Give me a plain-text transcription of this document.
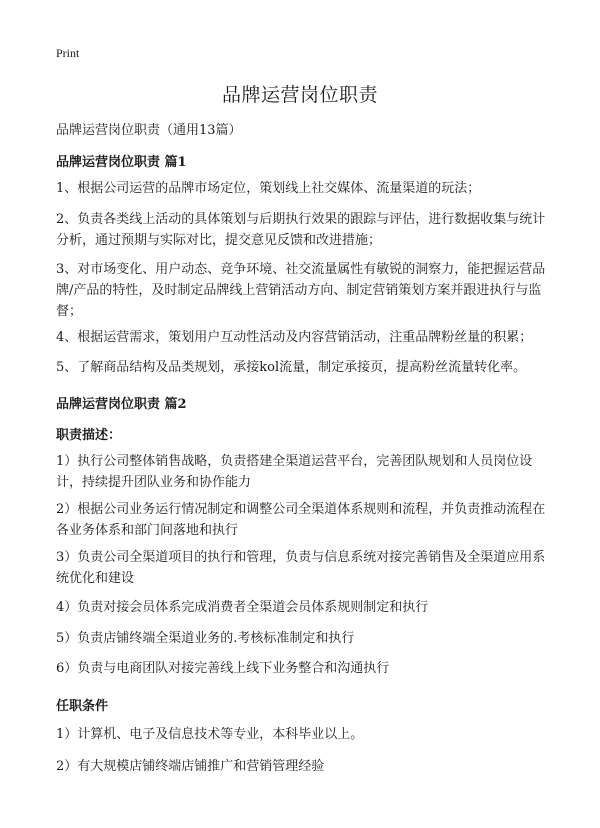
Print
品牌运营岗位职责

品牌运营岗位职责（通用13篇）

品牌运营岗位职责 篇1

1、根据公司运营的品牌市场定位，策划线上社交媒体、流量渠道的玩法；

2、负责各类线上活动的具体策划与后期执行效果的跟踪与评估，进行数据收集与统计分析，通过预期与实际对比，提交意见反馈和改进措施；

3、对市场变化、用户动态、竞争环境、社交流量属性有敏锐的洞察力，能把握运营品牌/产品的特性，及时制定品牌线上营销活动方向、制定营销策划方案并跟进执行与监督；

4、根据运营需求，策划用户互动性活动及内容营销活动，注重品牌粉丝量的积累；

5、了解商品结构及品类规划，承接kol流量，制定承接页，提高粉丝流量转化率。

品牌运营岗位职责 篇2

职责描述：

1）执行公司整体销售战略，负责搭建全渠道运营平台，完善团队规划和人员岗位设计，持续提升团队业务和协作能力

2）根据公司业务运行情况制定和调整公司全渠道体系规则和流程，并负责推动流程在各业务体系和部门间落地和执行

3）负责公司全渠道项目的执行和管理，负责与信息系统对接完善销售及全渠道应用系统优化和建设

4）负责对接会员体系完成消费者全渠道会员体系规则制定和执行

5）负责店铺终端全渠道业务的.考核标准制定和执行

6）负责与电商团队对接完善线上线下业务整合和沟通执行

任职条件

1）计算机、电子及信息技术等专业，本科毕业以上。

2）有大规模店铺终端店铺推广和营销管理经验
